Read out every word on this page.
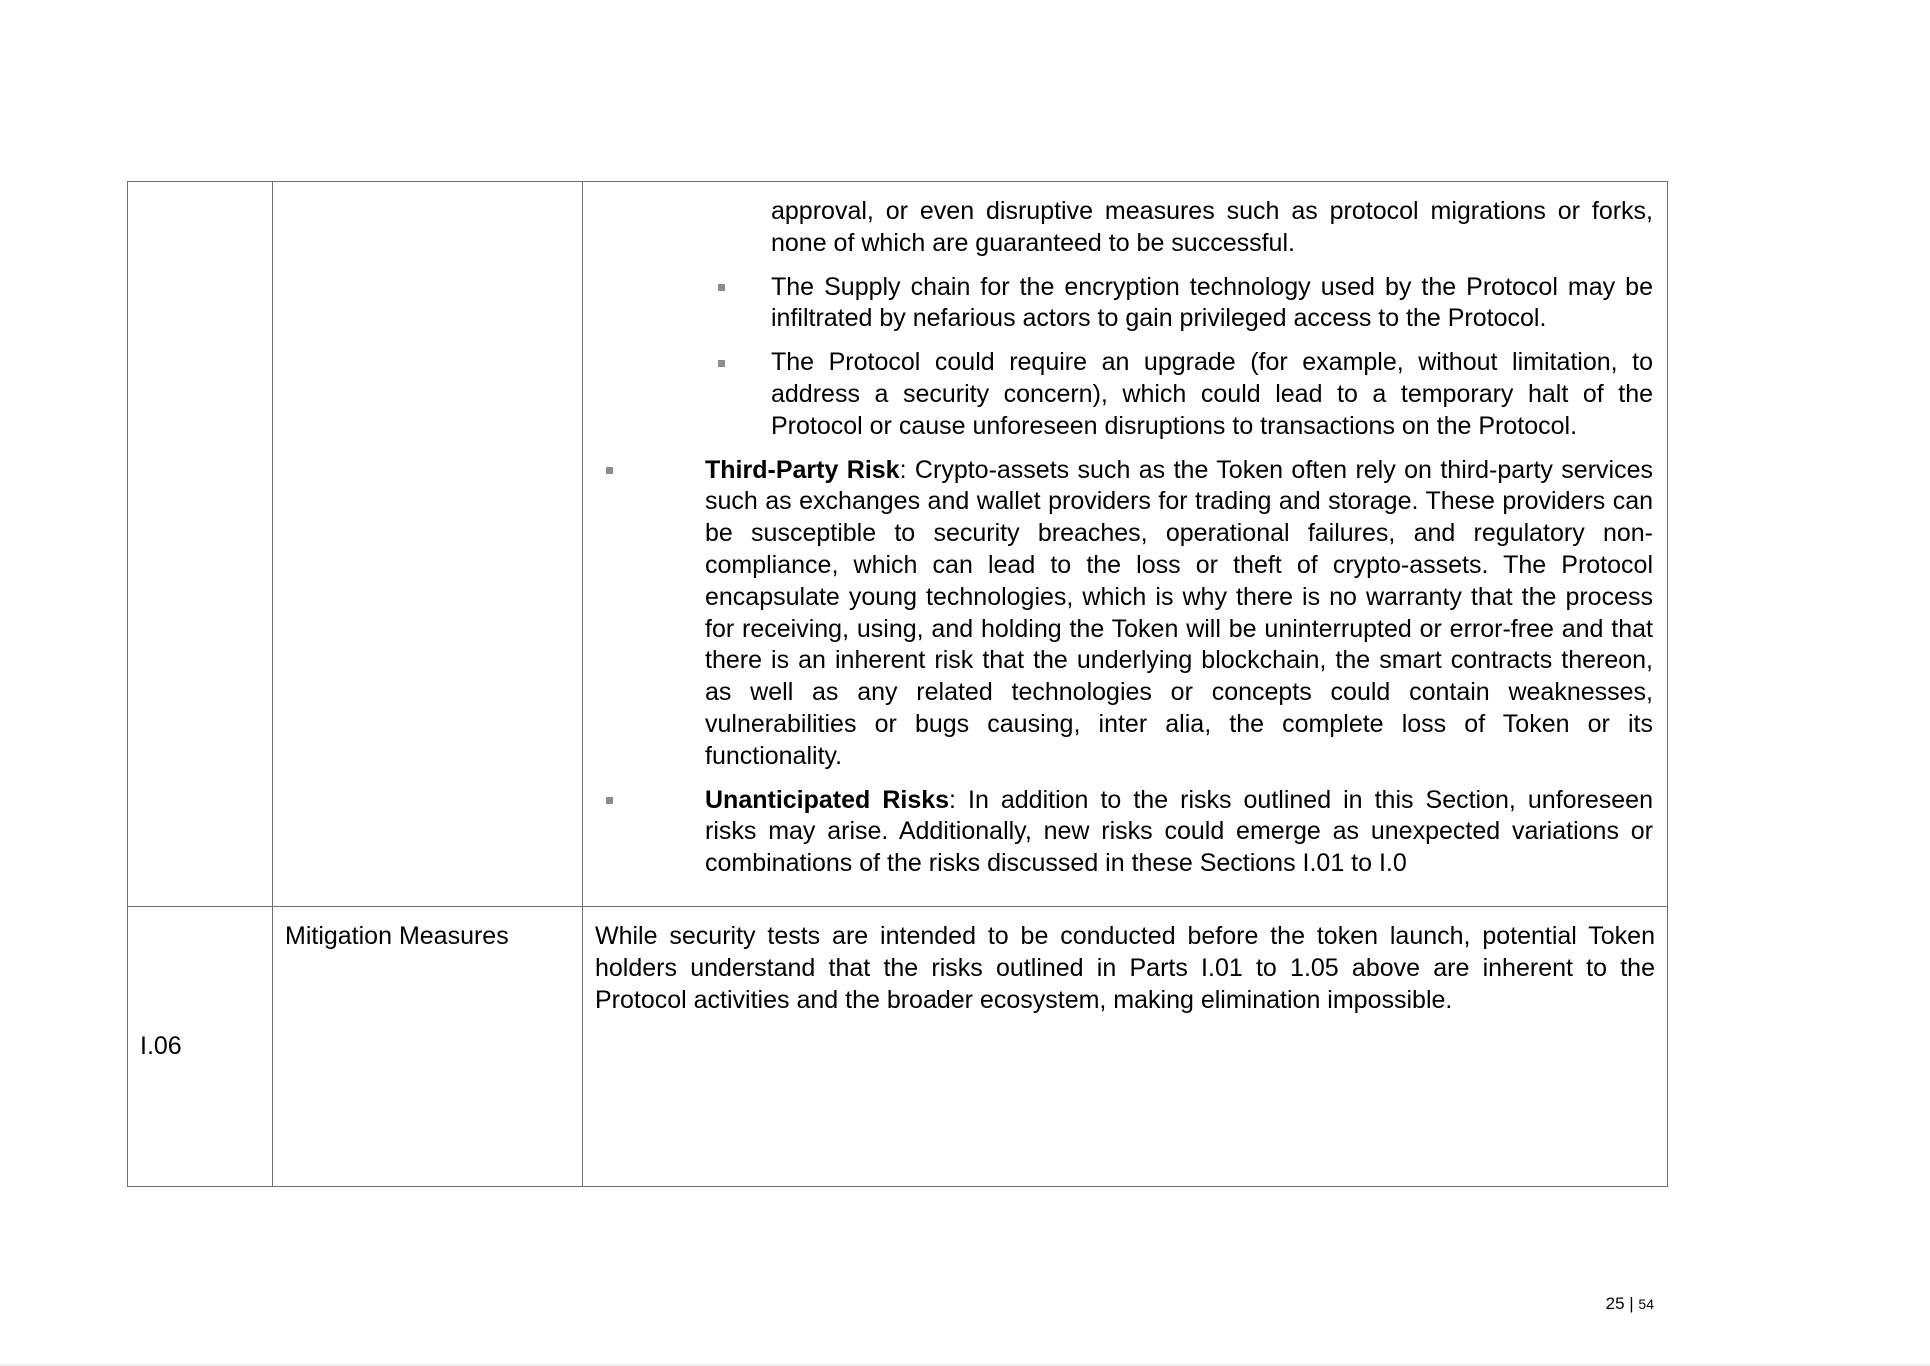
		approval, or even disruptive measures such as protocol migrations or forks, none of which are guaranteed to be successful.

The Supply chain for the encryption technology used by the Protocol may be infiltrated by nefarious actors to gain privileged access to the Protocol.

The Protocol could require an upgrade (for example, without limitation, to address a security concern), which could lead to a temporary halt of the Protocol or cause unforeseen disruptions to transactions on the Protocol.

Third-Party Risk: Crypto-assets such as the Token often rely on third-party services such as exchanges and wallet providers for trading and storage. These providers can be susceptible to security breaches, operational failures, and regulatory non-compliance, which can lead to the loss or theft of crypto-assets. The Protocol encapsulate young technologies, which is why there is no warranty that the process for receiving, using, and holding the Token will be uninterrupted or error-free and that there is an inherent risk that the underlying blockchain, the smart contracts thereon, as well as any related technologies or concepts could contain weaknesses, vulnerabilities or bugs causing, inter alia, the complete loss of Token or its functionality.

Unanticipated Risks: In addition to the risks outlined in this Section, unforeseen risks may arise. Additionally, new risks could emerge as unexpected variations or combinations of the risks discussed in these Sections I.01 to I.0

I.06	Mitigation Measures	While security tests are intended to be conducted before the token launch, potential Token holders understand that the risks outlined in Parts I.01 to 1.05 above are inherent to the Protocol activities and the broader ecosystem, making elimination impossible.

25 | 54
